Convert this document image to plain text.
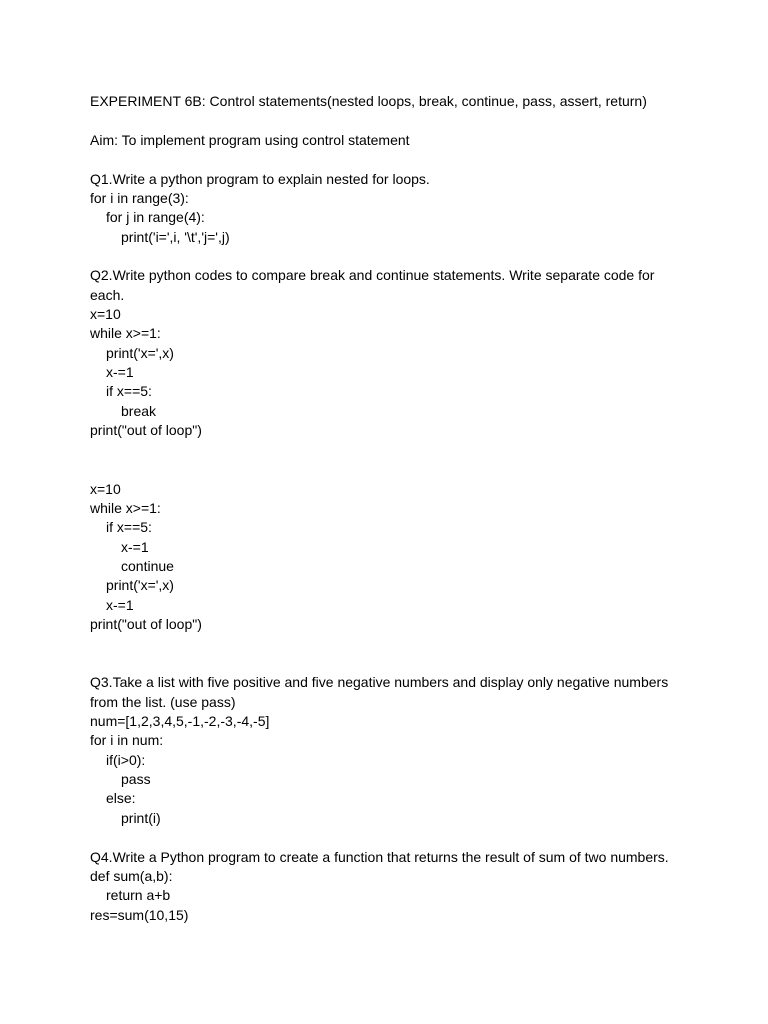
EXPERIMENT 6B: Control statements(nested loops, break, continue, pass, assert, return)
Aim: To implement program using control statement
Q1.Write a python program to explain nested for loops.
for i in range(3):
for j in range(4):
print('i=',i, '\t','j=',j)
Q2.Write python codes to compare break and continue statements. Write separate code for
each.
x=10
while x>=1:
print('x=',x)
x-=1
if x==5:
break
print("out of loop")
x=10
while x>=1:
if x==5:
x-=1
continue
print('x=',x)
x-=1
print("out of loop")
Q3.Take a list with five positive and five negative numbers and display only negative numbers
from the list. (use pass)
num=[1,2,3,4,5,-1,-2,-3,-4,-5]
for i in num:
if(i>0):
pass
else:
print(i)
Q4.Write a Python program to create a function that returns the result of sum of two numbers.
def sum(a,b):
return a+b
res=sum(10,15)
